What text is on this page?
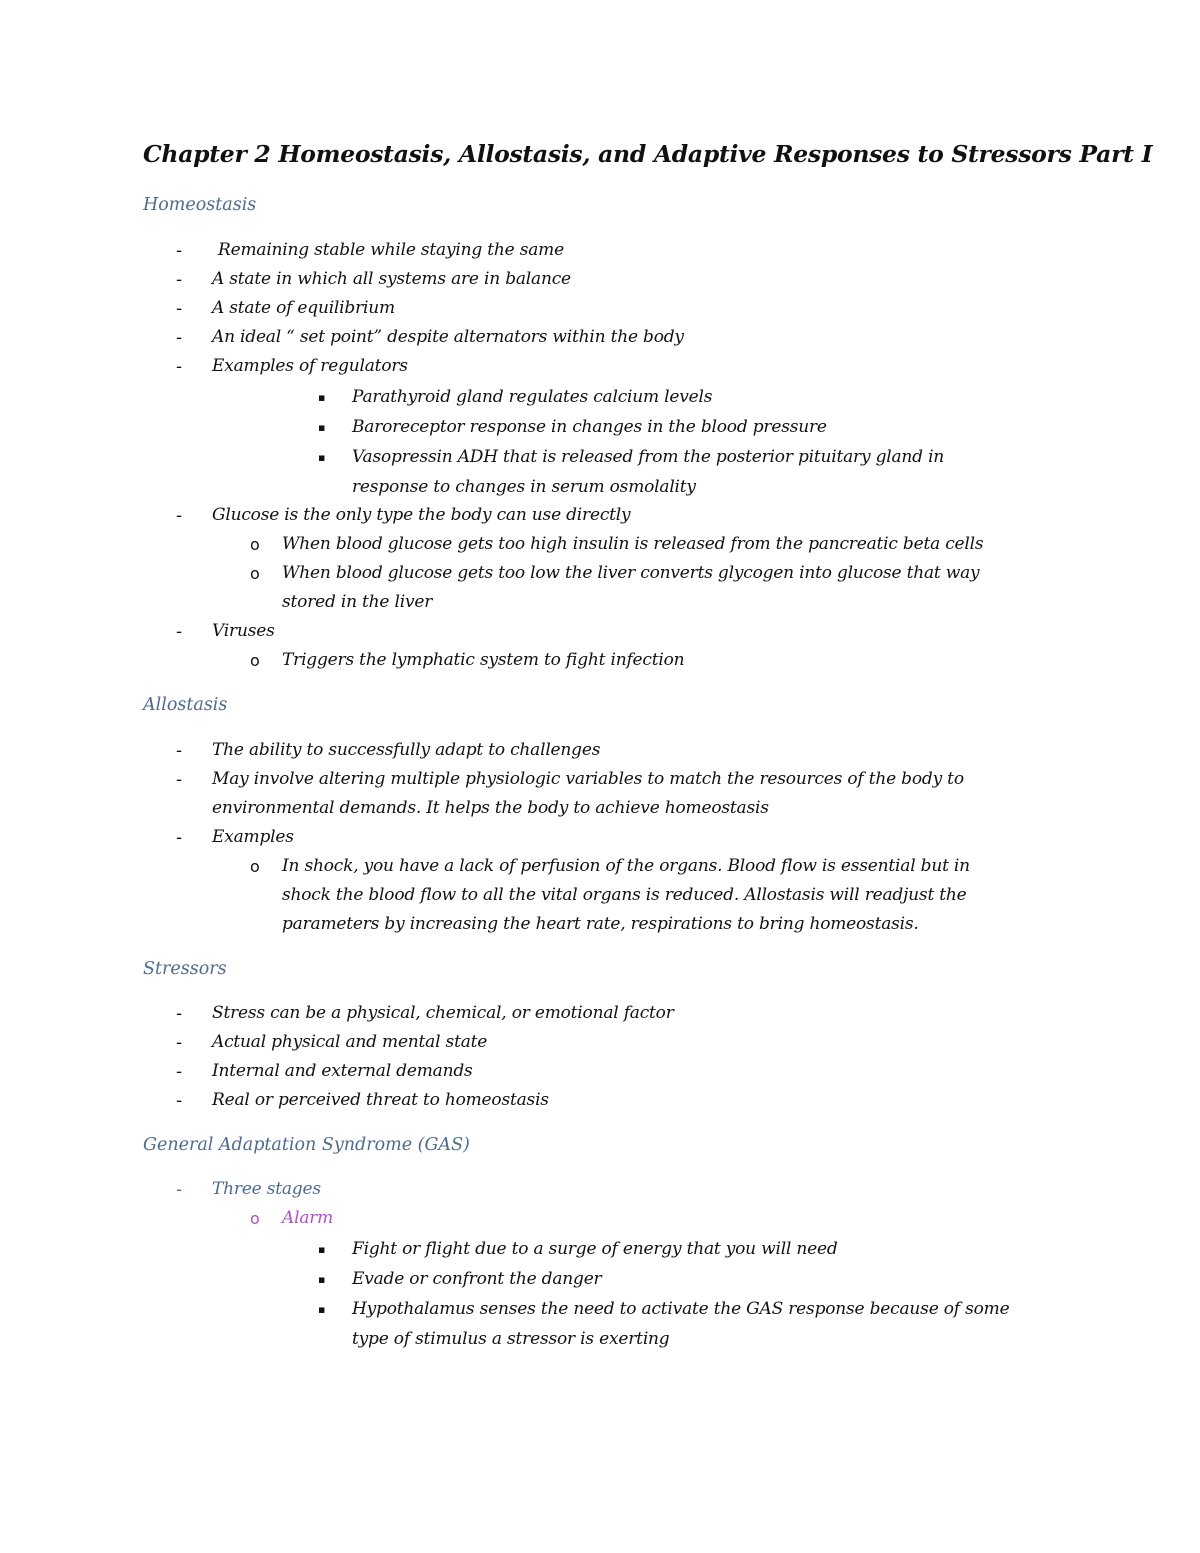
Chapter 2 Homeostasis, Allostasis, and Adaptive Responses to Stressors Part I
Homeostasis
- Remaining stable while staying the same
- A state in which all systems are in balance
- A state of equilibrium
- An ideal “ set point” despite alternators within the body
- Examples of regulators
▪ Parathyroid gland regulates calcium levels
▪ Baroreceptor response in changes in the blood pressure
▪ Vasopressin ADH that is released from the posterior pituitary gland in
response to changes in serum osmolality
- Glucose is the only type the body can use directly
o When blood glucose gets too high insulin is released from the pancreatic beta cells
o When blood glucose gets too low the liver converts glycogen into glucose that way
stored in the liver
- Viruses
o Triggers the lymphatic system to fight infection
Allostasis
- The ability to successfully adapt to challenges
- May involve altering multiple physiologic variables to match the resources of the body to
environmental demands. It helps the body to achieve homeostasis
- Examples
o In shock, you have a lack of perfusion of the organs. Blood flow is essential but in
shock the blood flow to all the vital organs is reduced. Allostasis will readjust the
parameters by increasing the heart rate, respirations to bring homeostasis.
Stressors
- Stress can be a physical, chemical, or emotional factor
- Actual physical and mental state
- Internal and external demands
- Real or perceived threat to homeostasis
General Adaptation Syndrome (GAS)
- Three stages
o Alarm
▪ Fight or flight due to a surge of energy that you will need
▪ Evade or confront the danger
▪ Hypothalamus senses the need to activate the GAS response because of some
type of stimulus a stressor is exerting
